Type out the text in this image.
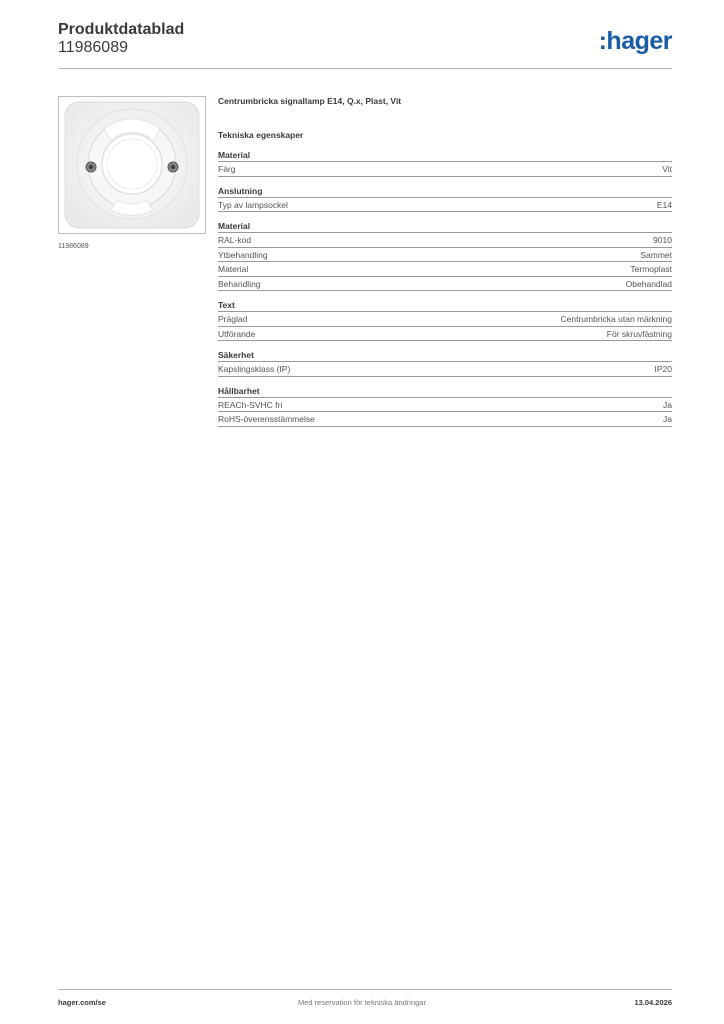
Produktdatablad
11986089	:hager
11986089
Centrumbricka signallamp E14, Q.x, Plast, Vit
Tekniska egenskaper
Material
Färg	Vit
Anslutning
Typ av lampsockel	E14
Material
RAL-kod	9010
Ytbehandling	Sammet
Material	Termoplast
Behandling	Obehandlad
Text
Präglad	Centrumbricka utan märkning
Utförande	För skruvfästning
Säkerhet
Kapslingsklass (IP)	IP20
Hållbarhet
REACh-SVHC fri	Ja
RoHS-överensstämmelse	Ja
Med reservation för tekniska ändringar
hager.com/se	13.04.2026
